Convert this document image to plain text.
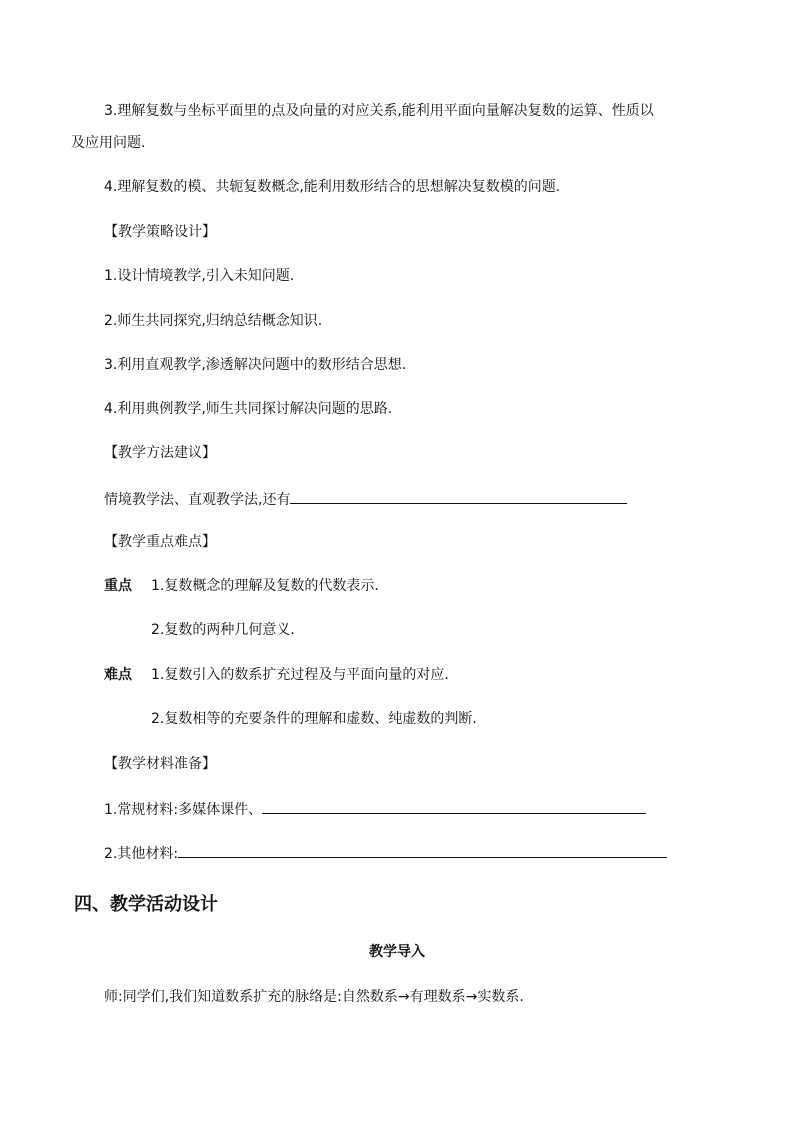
3.理解复数与坐标平面里的点及向量的对应关系,能利用平面向量解决复数的运算、性质以
及应用问题.
4.理解复数的模、共轭复数概念,能利用数形结合的思想解决复数模的问题.
【教学策略设计】
1.设计情境教学,引入未知问题.
2.师生共同探究,归纳总结概念知识.
3.利用直观教学,渗透解决问题中的数形结合思想.
4.利用典例教学,师生共同探讨解决问题的思路.
【教学方法建议】
情境教学法、直观教学法,还有
【教学重点难点】
重点 1.复数概念的理解及复数的代数表示.
2.复数的两种几何意义.
难点 1.复数引入的数系扩充过程及与平面向量的对应.
2.复数相等的充要条件的理解和虚数、纯虚数的判断.
【教学材料准备】
1.常规材料:多媒体课件、
2.其他材料:
四、教学活动设计
教学导入
师:同学们,我们知道数系扩充的脉络是:自然数系→有理数系→实数系.
